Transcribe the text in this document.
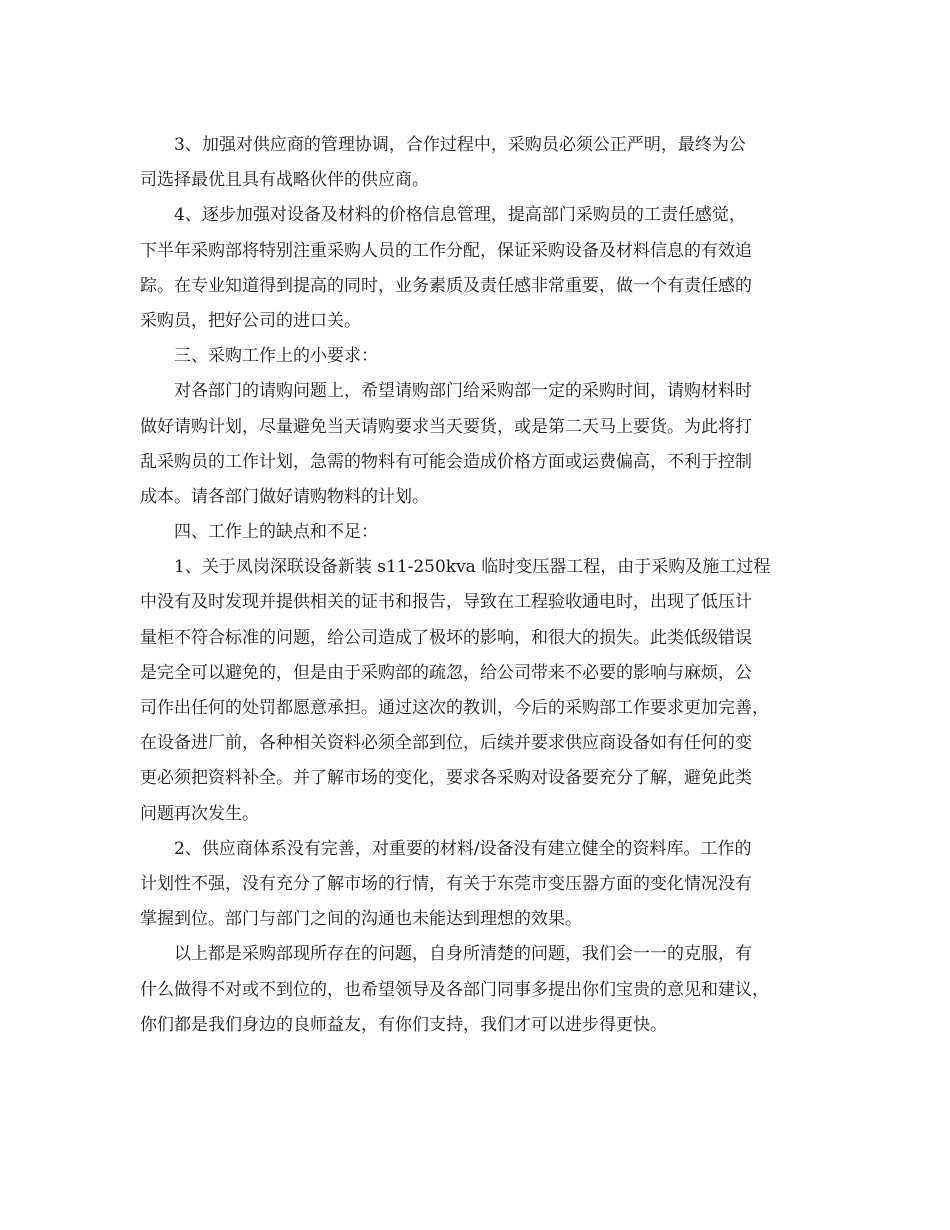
3、加强对供应商的管理协调，合作过程中，采购员必须公正严明，最终为公
司选择最优且具有战略伙伴的供应商。

4、逐步加强对设备及材料的价格信息管理，提高部门采购员的工责任感觉，
下半年采购部将特别注重采购人员的工作分配，保证采购设备及材料信息的有效追
踪。在专业知道得到提高的同时，业务素质及责任感非常重要，做一个有责任感的
采购员，把好公司的进口关。

三、采购工作上的小要求：

对各部门的请购问题上，希望请购部门给采购部一定的采购时间，请购材料时
做好请购计划，尽量避免当天请购要求当天要货，或是第二天马上要货。为此将打
乱采购员的工作计划，急需的物料有可能会造成价格方面或运费偏高，不利于控制
成本。请各部门做好请购物料的计划。

四、工作上的缺点和不足：

1、关于凤岗深联设备新装 s11-250kva 临时变压器工程，由于采购及施工过程
中没有及时发现并提供相关的证书和报告，导致在工程验收通电时，出现了低压计
量柜不符合标准的问题，给公司造成了极坏的影响，和很大的损失。此类低级错误
是完全可以避免的，但是由于采购部的疏忽，给公司带来不必要的影响与麻烦，公
司作出任何的处罚都愿意承担。通过这次的教训，今后的采购部工作要求更加完善，
在设备进厂前，各种相关资料必须全部到位，后续并要求供应商设备如有任何的变
更必须把资料补全。并了解市场的变化，要求各采购对设备要充分了解，避免此类
问题再次发生。

2、供应商体系没有完善，对重要的材料/设备没有建立健全的资料库。工作的
计划性不强，没有充分了解市场的行情，有关于东莞市变压器方面的变化情况没有
掌握到位。部门与部门之间的沟通也未能达到理想的效果。

以上都是采购部现所存在的问题，自身所清楚的问题，我们会一一的克服，有
什么做得不对或不到位的，也希望领导及各部门同事多提出你们宝贵的意见和建议，
你们都是我们身边的良师益友，有你们支持，我们才可以进步得更快。
